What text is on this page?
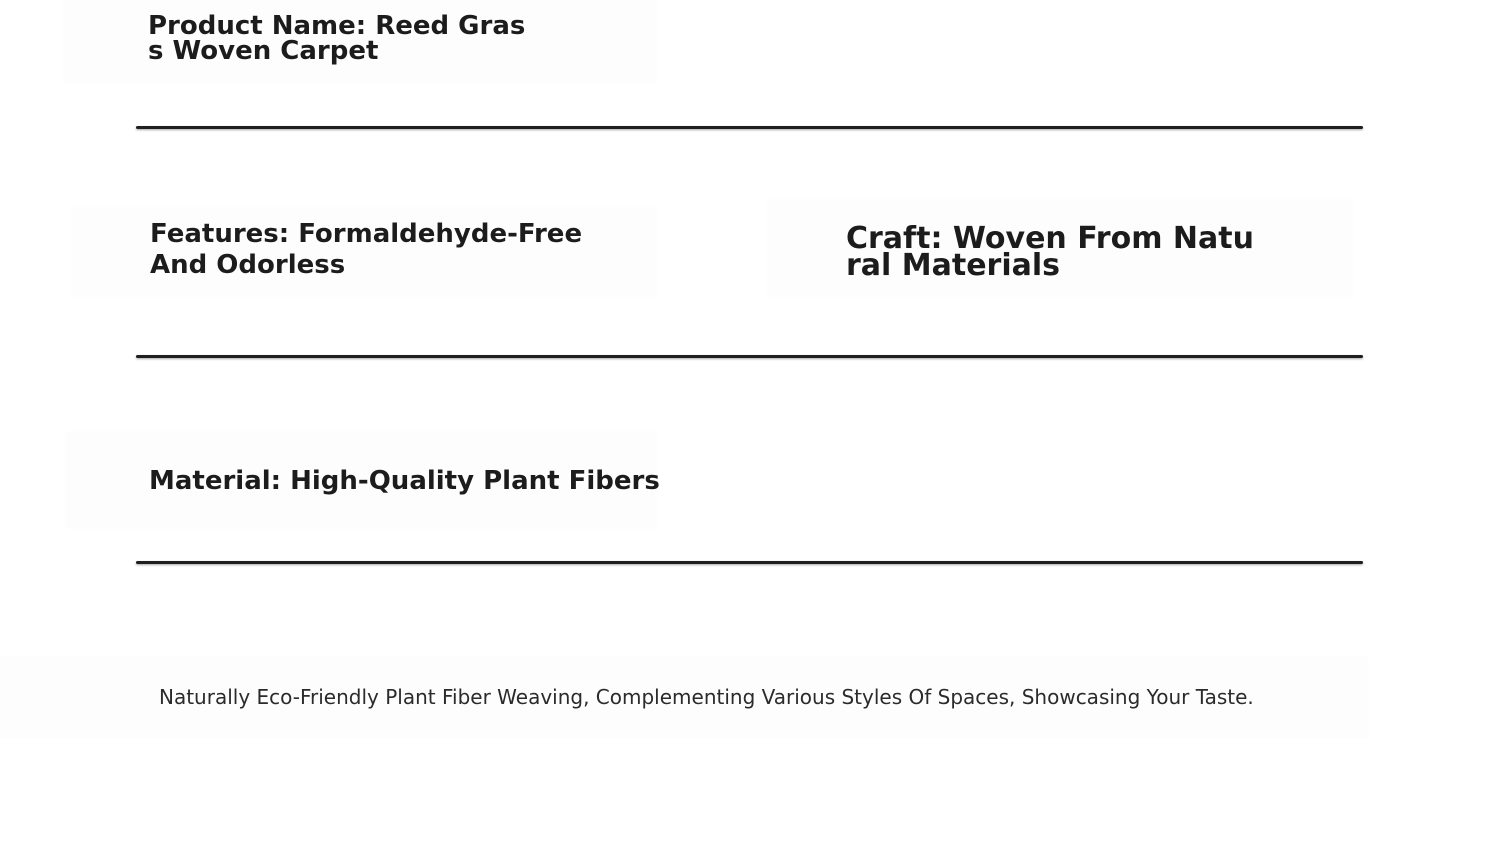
Product Name: Reed Grass Woven Carpet
Features: Formaldehyde-Free And Odorless
Craft: Woven From Natural Materials
Material: High-Quality Plant Fibers
Naturally Eco-Friendly Plant Fiber Weaving, Complementing Various Styles Of Spaces, Showcasing Your Taste.
